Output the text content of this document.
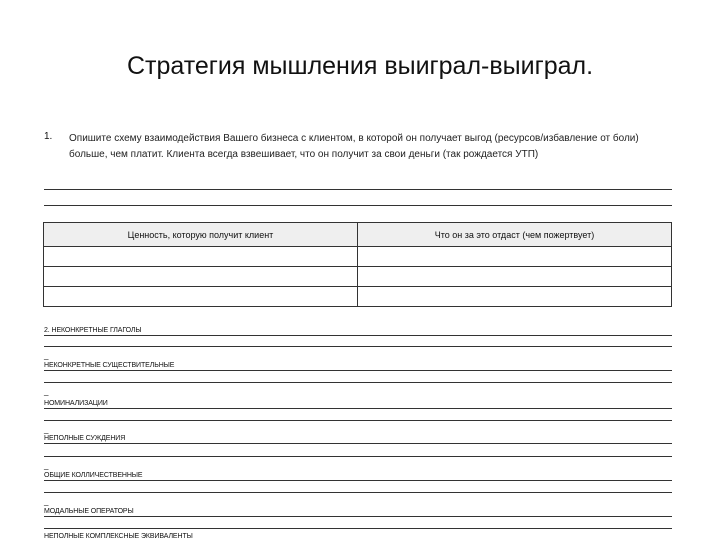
Стратегия мышления выиграл-выиграл.
1. Опишите схему взаимодействия Вашего бизнеса с клиентом, в которой он получает выгод (ресурсов/избавление от боли) больше, чем платит. Клиента всегда взвешивает, что он получит за свои деньги (так рождается УТП)
Ценность, которую получит клиент	Что он за это отдаст (чем пожертвует)

2. НЕКОНКРЕТНЫЕ ГЛАГОЛЫ
_
НЕКОНКРЕТНЫЕ СУЩЕСТВИТЕЛЬНЫЕ
_
НОМИНАЛИЗАЦИИ
_
НЕПОЛНЫЕ СУЖДЕНИЯ
_
ОБЩИЕ КОЛЛИЧЕСТВЕННЫЕ
_
МОДАЛЬНЫЕ ОПЕРАТОРЫ
НЕПОЛНЫЕ КОМПЛЕКСНЫЕ ЭКВИВАЛЕНТЫ
